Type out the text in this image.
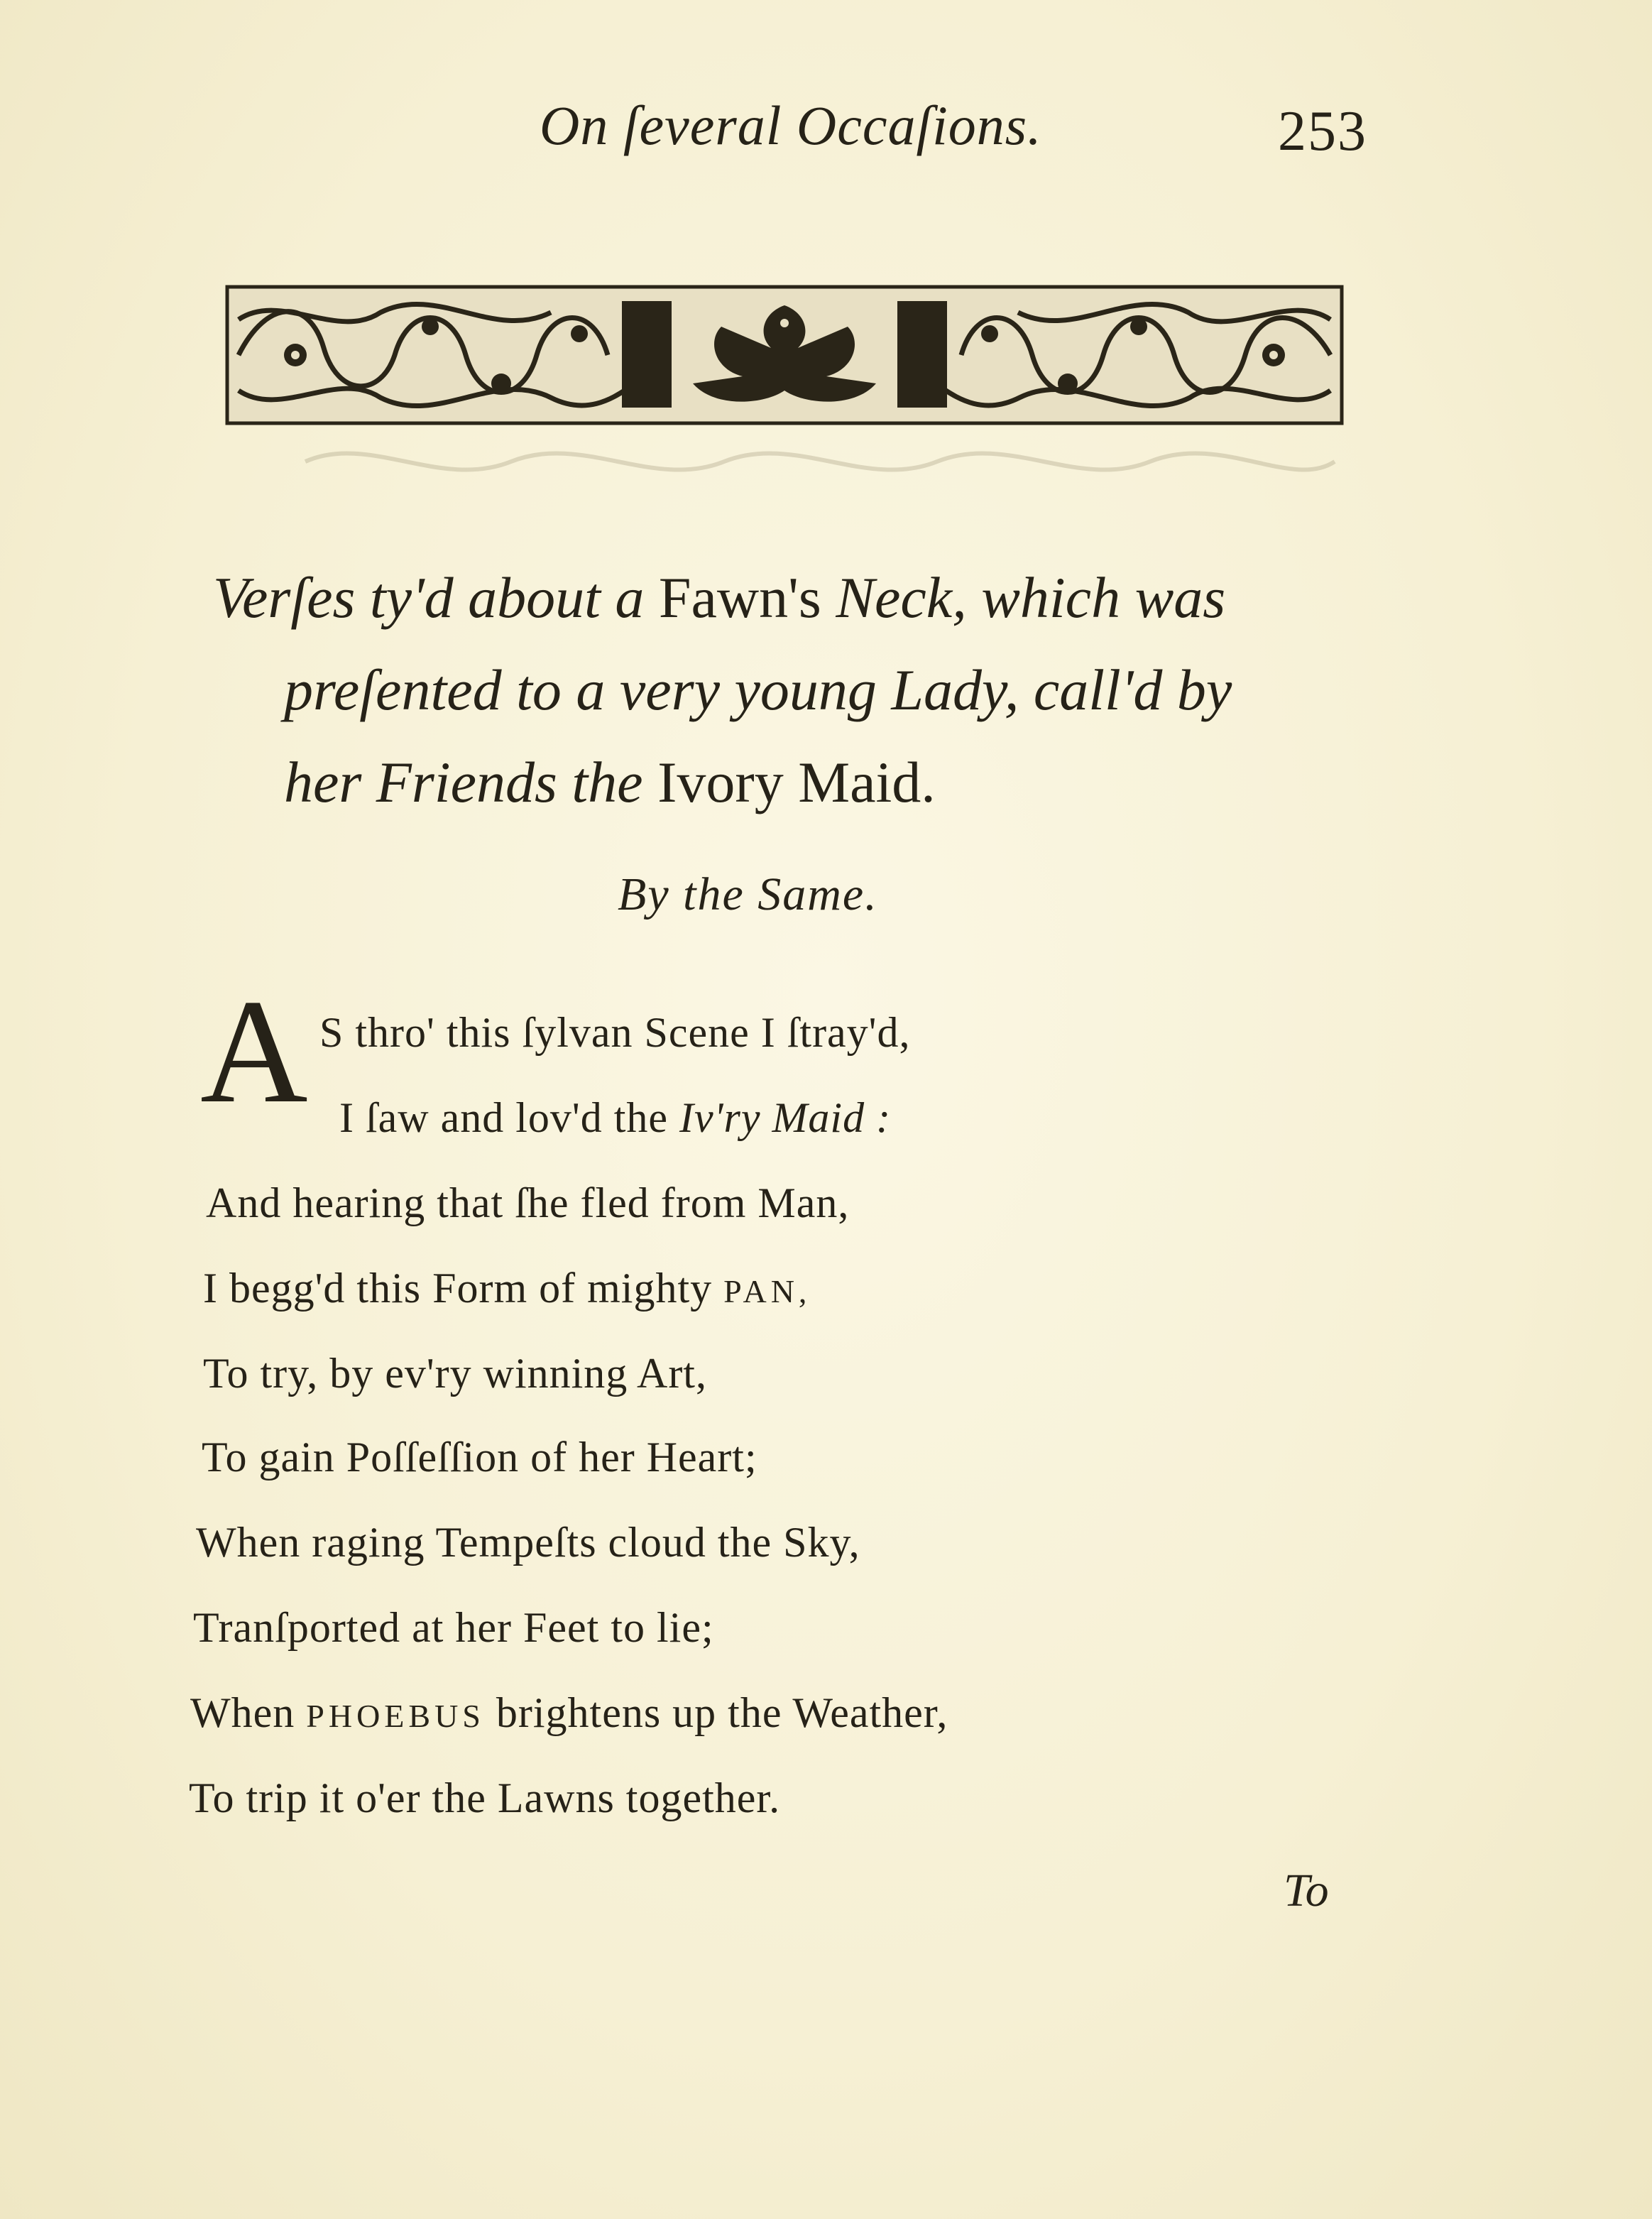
On ſeveral Occaſions.	253
Verſes ty'd about a Fawn's Neck, which was
preſented to a very young Lady, call'd by
her Friends the Ivory Maid.
By the Same.
A S thro' this ſylvan Scene I ſtray'd,
I ſaw and lov'd the Iv'ry Maid :
And hearing that ſhe fled from Man,
I begg'd this Form of mighty PAN,
To try, by ev'ry winning Art,
To gain Poſſeſſion of her Heart;
When raging Tempeſts cloud the Sky,
Tranſported at her Feet to lie;
When PHOEBUS brightens up the Weather,
To trip it o'er the Lawns together.
To
